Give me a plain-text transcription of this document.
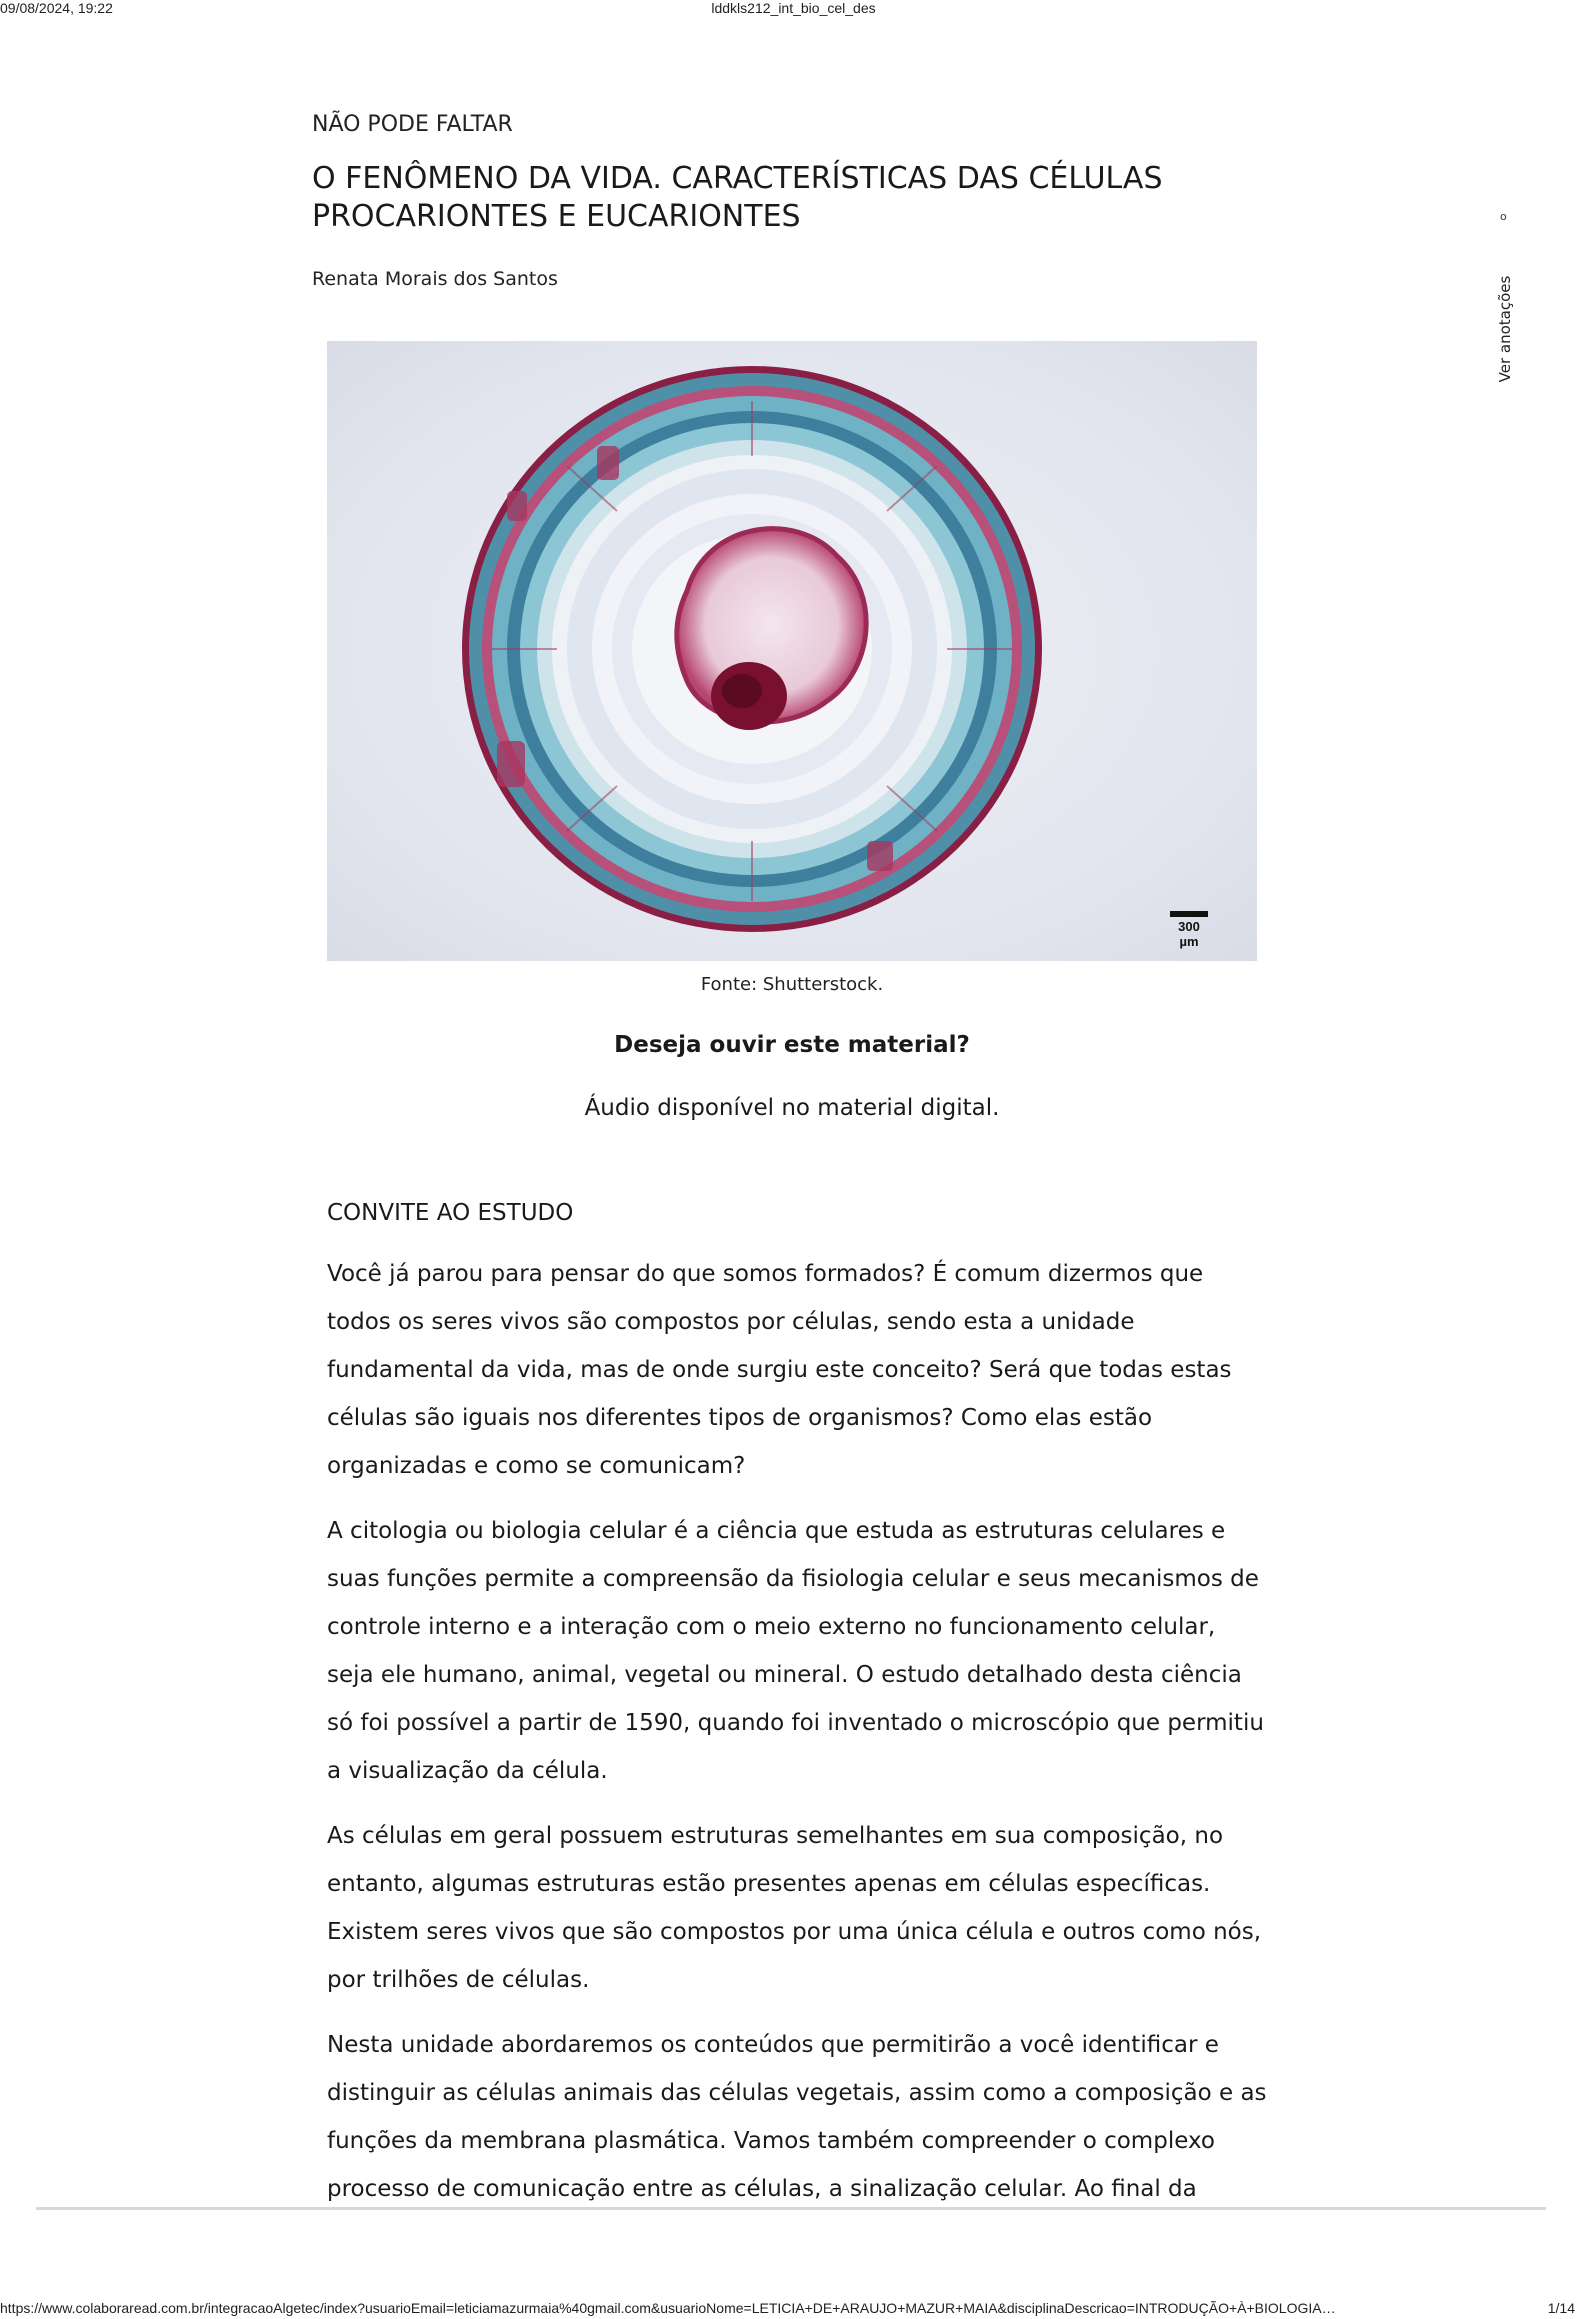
09/08/2024, 19:22	lddkls212_int_bio_cel_des
NÃO PODE FALTAR
O FENÔMENO DA VIDA. CARACTERÍSTICAS DAS CÉLULAS
PROCARIONTES E EUCARIONTES
Renata Morais dos Santos
o
Ver anotações
300 µm
Fonte: Shutterstock.
Deseja ouvir este material?
Áudio disponível no material digital.
CONVITE AO ESTUDO

Você já parou para pensar do que somos formados? É comum dizermos que todos os seres vivos são compostos por células, sendo esta a unidade fundamental da vida, mas de onde surgiu este conceito? Será que todas estas células são iguais nos diferentes tipos de organismos? Como elas estão organizadas e como se comunicam?

A citologia ou biologia celular é a ciência que estuda as estruturas celulares e suas funções permite a compreensão da fisiologia celular e seus mecanismos de controle interno e a interação com o meio externo no funcionamento celular, seja ele humano, animal, vegetal ou mineral. O estudo detalhado desta ciência só foi possível a partir de 1590, quando foi inventado o microscópio que permitiu a visualização da célula.

As células em geral possuem estruturas semelhantes em sua composição, no entanto, algumas estruturas estão presentes apenas em células específicas. Existem seres vivos que são compostos por uma única célula e outros como nós, por trilhões de células.

Nesta unidade abordaremos os conteúdos que permitirão a você identificar e distinguir as células animais das células vegetais, assim como a composição e as funções da membrana plasmática. Vamos também compreender o complexo processo de comunicação entre as células, a sinalização celular. Ao final da

https://www.colaboraread.com.br/integracaoAlgetec/index?usuarioEmail=leticiamazurmaia%40gmail.com&usuarioNome=LETICIA+DE+ARAUJO+MAZUR+MAIA&disciplinaDescricao=INTRODUÇÃO+À+BIOLOGIA…	1/14
